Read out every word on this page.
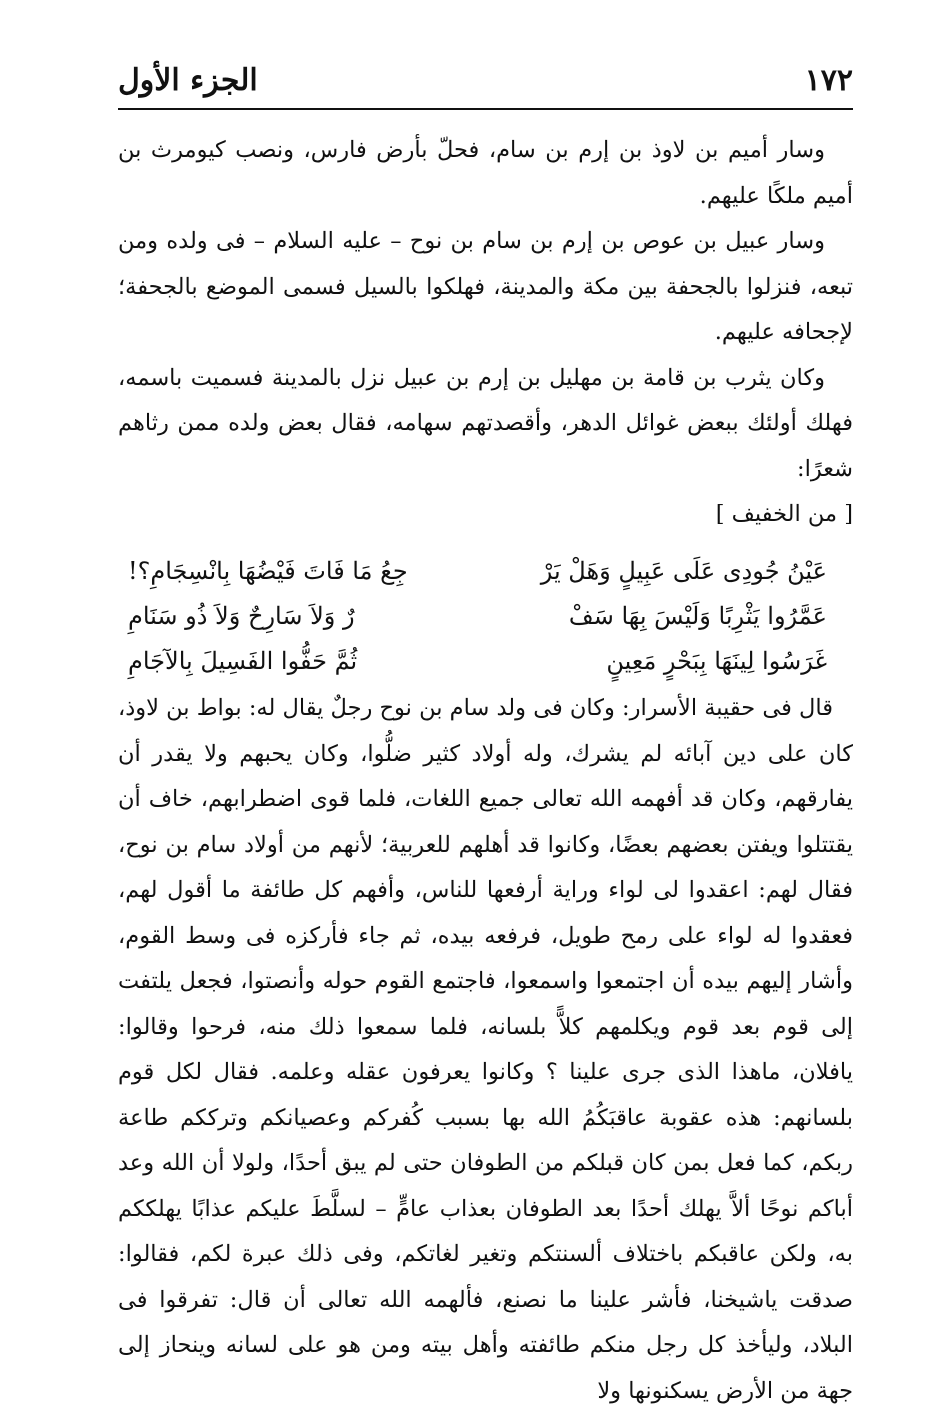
١٧٢
الجزء الأول

وسار أميم بن لاوذ بن إرم بن سام، فحلّ بأرض فارس، ونصب كيومرث بن أميم ملكًا عليهم.

وسار عبيل بن عوص بن إرم بن سام بن نوح – عليه السلام – فى ولده ومن تبعه، فنزلوا بالجحفة بين مكة والمدينة، فهلكوا بالسيل فسمى الموضع بالجحفة؛ لإجحافه عليهم.

وكان يثرب بن قامة بن مهليل بن إرم بن عبيل نزل بالمدينة فسميت باسمه، فهلك أولئك ببعض غوائل الدهر، وأقصدتهم سهامه، فقال بعض ولده ممن رثاهم شعرًا:

[ من الخفيف ]

عَيْنُ جُودِى عَلَى عَبِيلٍ وَهَلْ يَرْ
جِعُ مَا فَاتَ فَيْضُهَا بِانْسِجَامِ؟!
عَمَّرُوا يَثْرِبًا وَلَيْسَ بِهَا سَفْ
رٌ وَلاَ سَارِحٌ وَلاَ ذُو سَنَامِ
غَرَسُوا لِينَهَا بِبَحْرٍ مَعِينٍ
ثُمَّ حَفُّوا الفَسِيلَ بِالآجَامِ

قال فى حقيبة الأسرار: وكان فى ولد سام بن نوح رجلٌ يقال له: بواط بن لاوذ، كان على دين آبائه لم يشرك، وله أولاد كثير ضلُّوا، وكان يحبهم ولا يقدر أن يفارقهم، وكان قد أفهمه الله تعالى جميع اللغات، فلما قوى اضطرابهم، خاف أن يقتتلوا ويفتن بعضهم بعضًا، وكانوا قد أهلهم للعربية؛ لأنهم من أولاد سام بن نوح، فقال لهم: اعقدوا لى لواء وراية أرفعها للناس، وأفهم كل طائفة ما أقول لهم، فعقدوا له لواء على رمح طويل، فرفعه بيده، ثم جاء فأركزه فى وسط القوم، وأشار إليهم بيده أن اجتمعوا واسمعوا، فاجتمع القوم حوله وأنصتوا، فجعل يلتفت إلى قوم بعد قوم ويكلمهم كلاًّ بلسانه، فلما سمعوا ذلك منه، فرحوا وقالوا: يافلان، ماهذا الذى جرى علينا ؟ وكانوا يعرفون عقله وعلمه. فقال لكل قوم بلسانهم: هذه عقوبة عاقبَكُمُ الله بها بسبب كُفركم وعصيانكم وترككم طاعة ربكم، كما فعل بمن كان قبلكم من الطوفان حتى لم يبق أحدًا، ولولا أن الله وعد أباكم نوحًا ألاَّ يهلك أحدًا بعد الطوفان بعذاب عامٍّ – لسلَّطَ عليكم عذابًا يهلككم به، ولكن عاقبكم باختلاف ألسنتكم وتغير لغاتكم، وفى ذلك عبرة لكم، فقالوا: صدقت ياشيخنا، فأشر علينا ما نصنع، فألهمه الله تعالى أن قال: تفرقوا فى البلاد، وليأخذ كل رجل منكم طائفته وأهل بيته ومن هو على لسانه وينحاز إلى جهة من الأرض يسكنونها ولا
